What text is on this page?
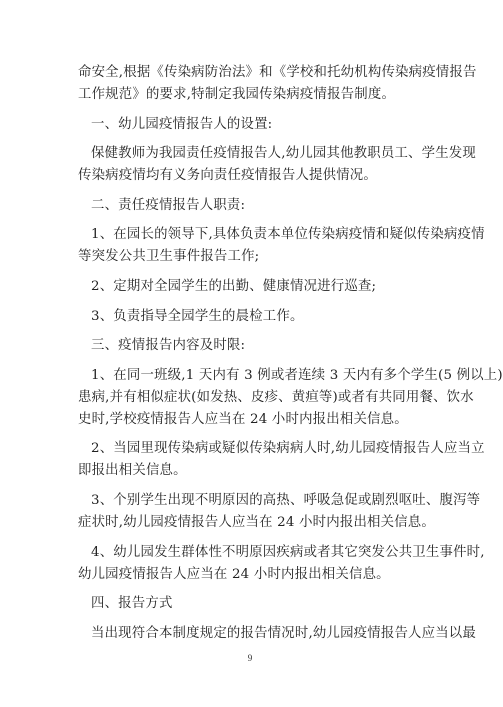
命安全,根据《传染病防治法》和《学校和托幼机构传染病疫情报告
工作规范》的要求,特制定我园传染病疫情报告制度。
一、幼儿园疫情报告人的设置:
保健教师为我园责任疫情报告人,幼儿园其他教职员工、学生发现
传染病疫情均有义务向责任疫情报告人提供情况。
二、责任疫情报告人职责:
1、在园长的领导下,具体负责本单位传染病疫情和疑似传染病疫情
等突发公共卫生事件报告工作;
2、定期对全园学生的出勤、健康情况进行巡查;
3、负责指导全园学生的晨检工作。
三、疫情报告内容及时限:
1、在同一班级,1 天内有 3 例或者连续 3 天内有多个学生(5 例以上)
患病,并有相似症状(如发热、皮疹、黄疸等)或者有共同用餐、饮水
史时,学校疫情报告人应当在 24 小时内报出相关信息。
2、当园里现传染病或疑似传染病病人时,幼儿园疫情报告人应当立
即报出相关信息。
3、个别学生出现不明原因的高热、呼吸急促或剧烈呕吐、腹泻等
症状时,幼儿园疫情报告人应当在 24 小时内报出相关信息。
4、幼儿园发生群体性不明原因疾病或者其它突发公共卫生事件时,
幼儿园疫情报告人应当在 24 小时内报出相关信息。
四、报告方式
当出现符合本制度规定的报告情况时,幼儿园疫情报告人应当以最
9
